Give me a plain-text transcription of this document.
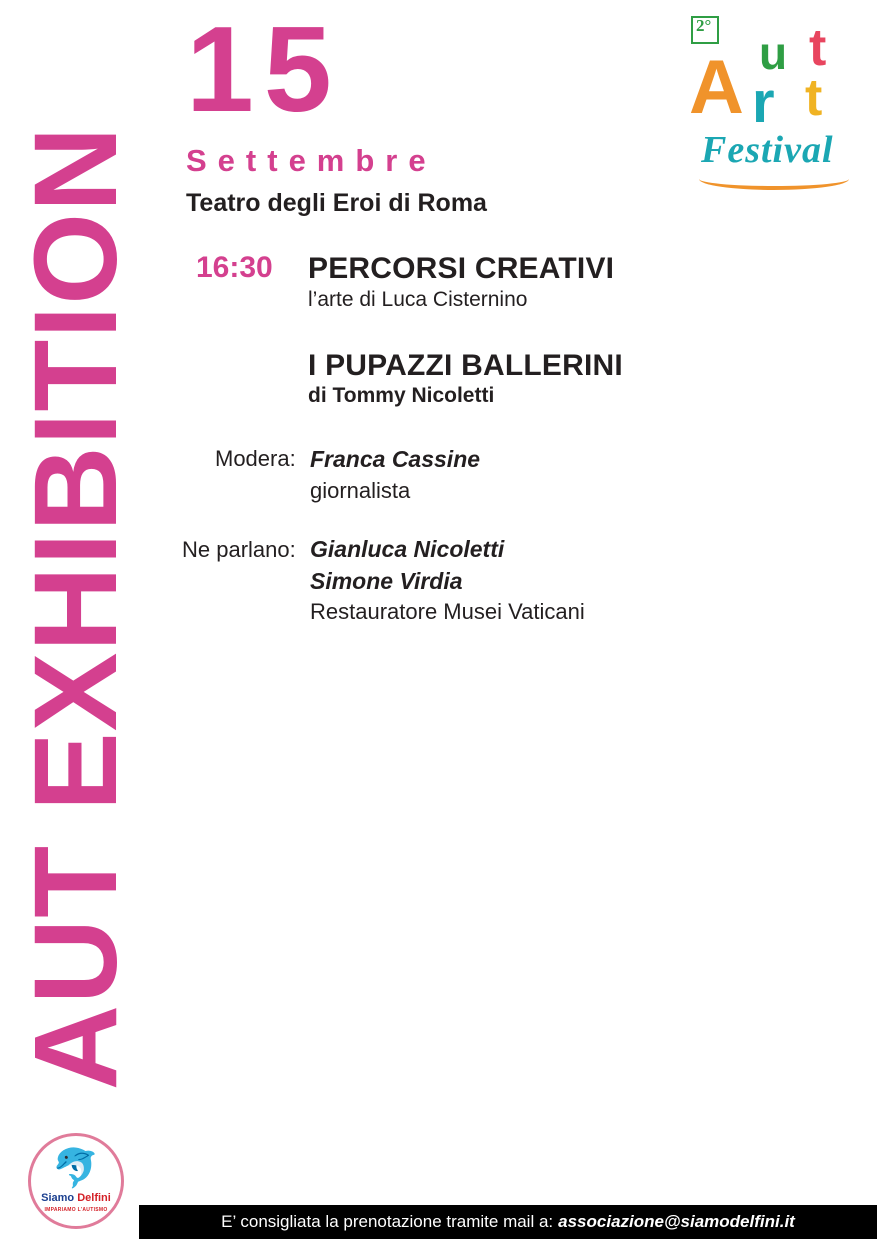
AUT EXHIBITION
15
Settembre
Teatro degli Eroi di Roma
16:30 PERCORSI CREATIVI
l’arte di Luca Cisternino
I PUPAZZI BALLERINI
di Tommy Nicoletti
Modera: Franca Cassine
giornalista
Ne parlano: Gianluca Nicoletti
Simone Virdia
Restauratore Musei Vaticani
2°
A u t
r t
Festival
🐬
Siamo Delfini
IMPARIAMO L’AUTISMO
E’ consigliata la prenotazione tramite mail a: associazione@siamodelfini.it
